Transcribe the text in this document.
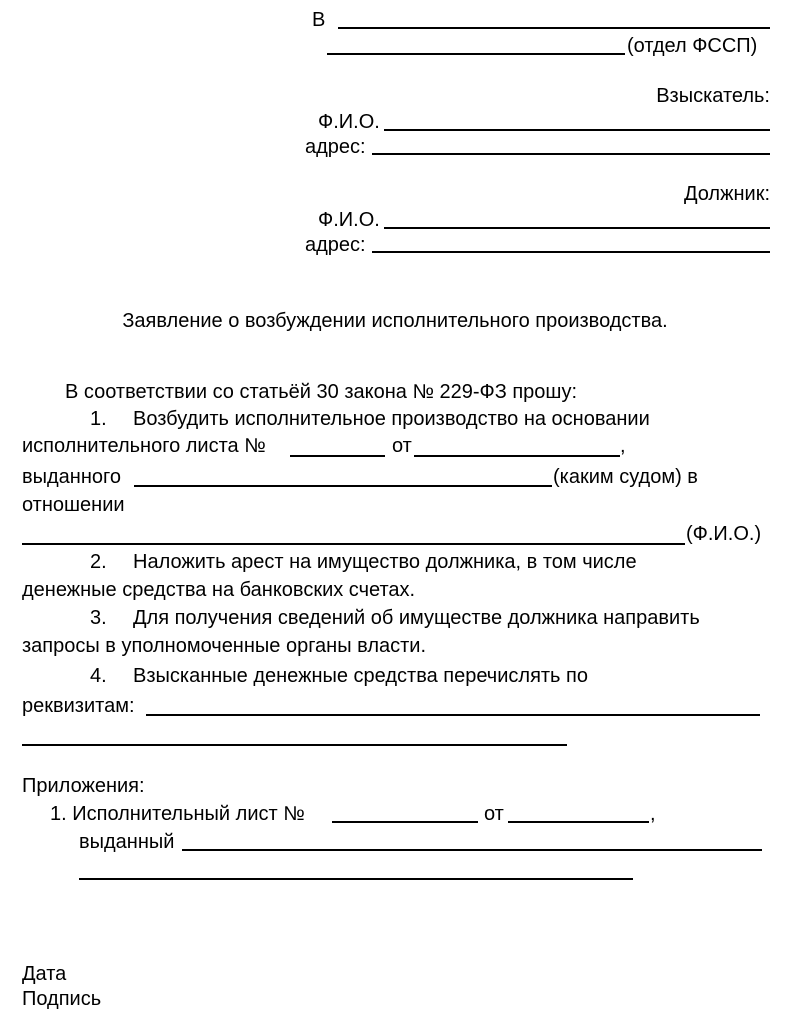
В
(отдел ФССП)
Взыскатель:
Ф.И.О.
адрес:
Должник:
Ф.И.О.
адрес:
Заявление о возбуждении исполнительного производства.
В соответствии со статьёй 30 закона № 229-ФЗ прошу:
1. Возбудить исполнительное производство на основании
исполнительного листа №	от	,
выданного	(каким судом) в
отношении
(Ф.И.О.)
2. Наложить арест на имущество должника, в том числе
денежные средства на банковских счетах.
3. Для получения сведений об имуществе должника направить
запросы в уполномоченные органы власти.
4. Взысканные денежные средства перечислять по
реквизитам:
Приложения:
1. Исполнительный лист №	от	,
выданный
Дата
Подпись
